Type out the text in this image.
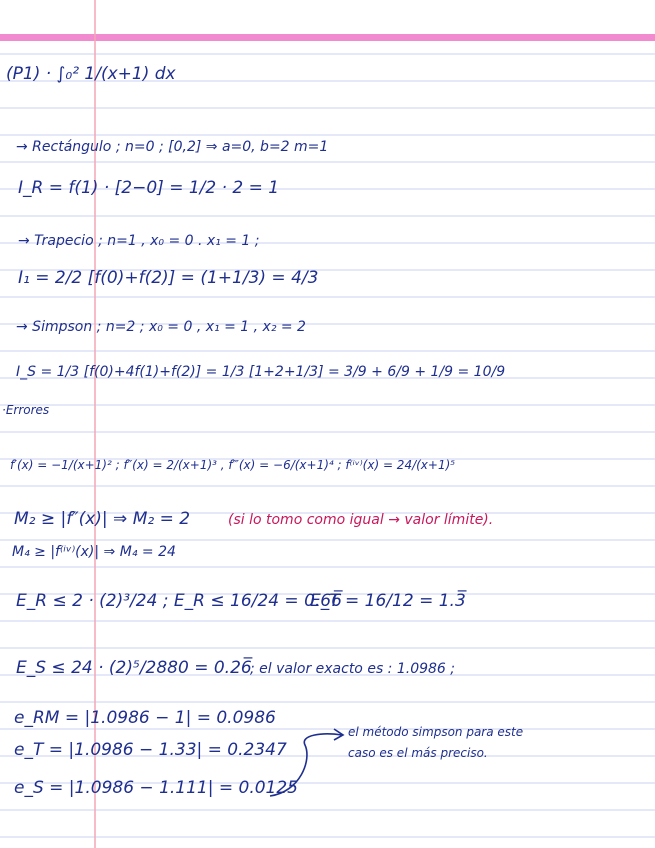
(P1) · ∫₀² 1/(x+1) dx
→ Rectángulo ; n=0 ; [0,2] ⇒ a=0, b=2 m=1
I_R = f(1) · [2−0] = 1/2 · 2 = 1
→ Trapecio ; n=1 , x₀ = 0 . x₁ = 1 ;
I₁ = 2/2 [f(0)+f(2)] = (1+1/3) = 4/3
→ Simpson ; n=2 ; x₀ = 0 , x₁ = 1 , x₂ = 2
I_S = 1/3 [f(0)+4f(1)+f(2)] = 1/3 [1+2+1/3] = 3/9 + 6/9 + 1/9 = 10/9
·Errores
f′(x) = −1/(x+1)² ; f″(x) = 2/(x+1)³ , f‴(x) = −6/(x+1)⁴ ; f⁽ⁱᵛ⁾(x) = 24/(x+1)⁵
M₂ ≥ |f″(x)| ⇒ M₂ = 2	(si lo tomo como igual → valor límite).
M₄ ≥ |f⁽ⁱᵛ⁾(x)| ⇒ M₄ = 24
E_R ≤ 2 · (2)³/24 ; E_R ≤ 16/24 = 0.66̅
E_T = 16/12 = 1.3̅
E_S ≤ 24 · (2)⁵/2880 = 0.26̅
; el valor exacto es : 1.0986 ;
e_RM = |1.0986 − 1| = 0.0986
e_T = |1.0986 − 1.33| = 0.2347
e_S = |1.0986 − 1.111| = 0.0125
el método simpson para este
caso es el más preciso.
